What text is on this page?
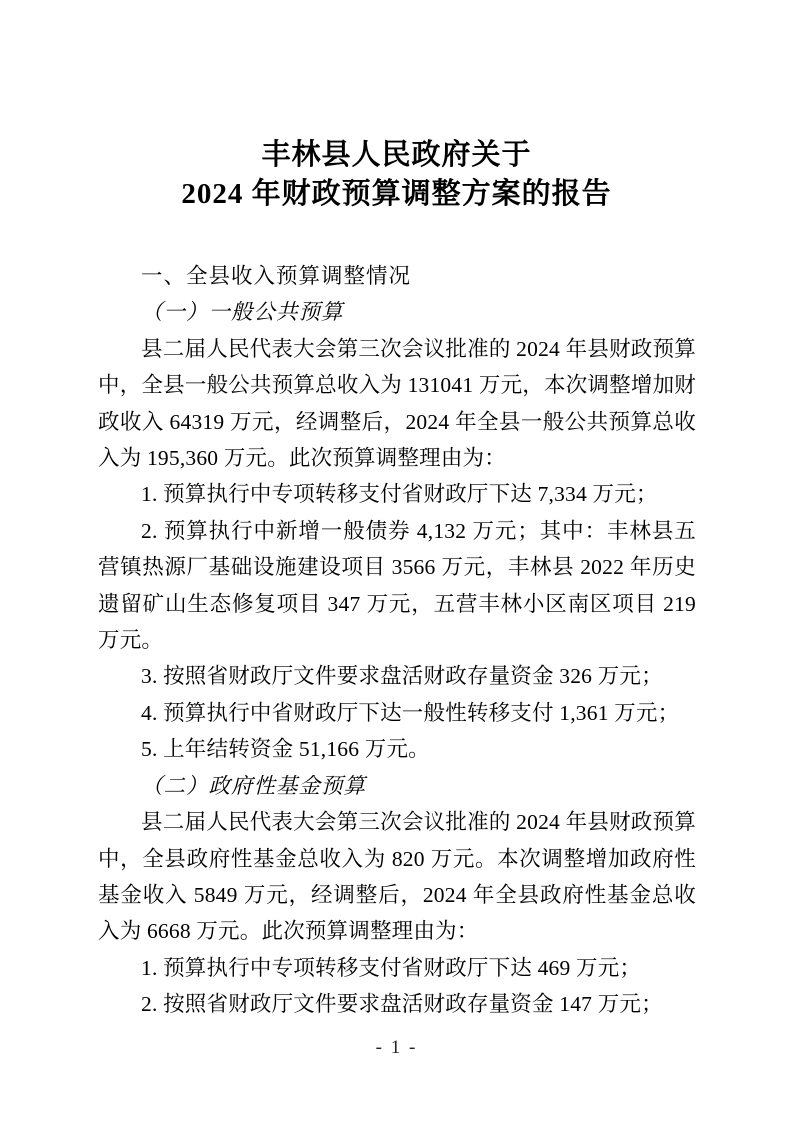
丰林县人民政府关于
2024 年财政预算调整方案的报告

一、全县收入预算调整情况

（一）一般公共预算

县二届人民代表大会第三次会议批准的 2024 年县财政预算中，全县一般公共预算总收入为 131041 万元，本次调整增加财政收入 64319 万元，经调整后，2024 年全县一般公共预算总收入为 195,360 万元。此次预算调整理由为：

1. 预算执行中专项转移支付省财政厅下达 7,334 万元；

2. 预算执行中新增一般债券 4,132 万元；其中：丰林县五营镇热源厂基础设施建设项目 3566 万元，丰林县 2022 年历史遗留矿山生态修复项目 347 万元，五营丰林小区南区项目 219 万元。

3. 按照省财政厅文件要求盘活财政存量资金 326 万元；

4. 预算执行中省财政厅下达一般性转移支付 1,361 万元；

5. 上年结转资金 51,166 万元。

（二）政府性基金预算

县二届人民代表大会第三次会议批准的 2024 年县财政预算中，全县政府性基金总收入为 820 万元。本次调整增加政府性基金收入 5849 万元，经调整后，2024 年全县政府性基金总收入为 6668 万元。此次预算调整理由为：

1. 预算执行中专项转移支付省财政厅下达 469 万元；

2. 按照省财政厅文件要求盘活财政存量资金 147 万元；

- 1 -
